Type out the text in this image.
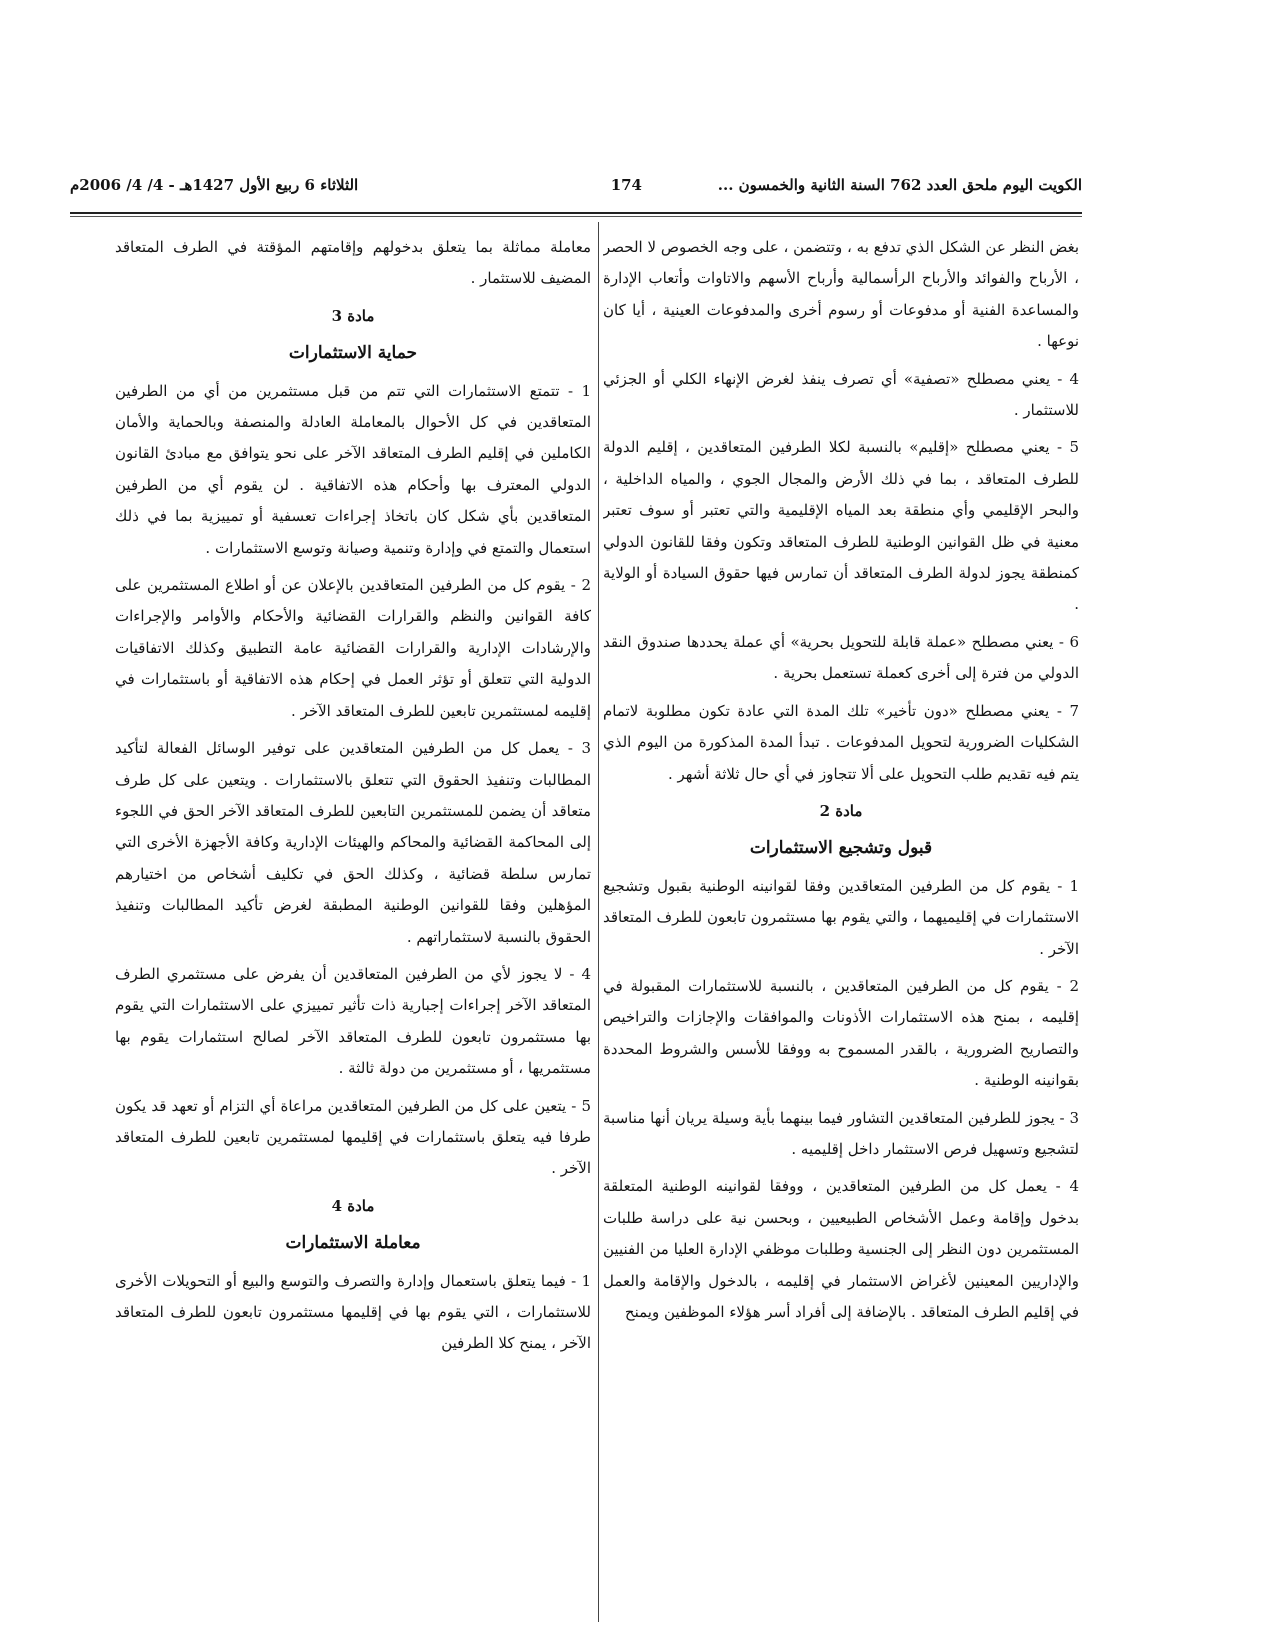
الكويت اليوم ملحق العدد 762 السنة الثانية والخمسون ...
174
الثلاثاء 6 ربيع الأول 1427هـ - 4/ 4/ 2006م

بغض النظر عن الشكل الذي تدفع به ، وتتضمن ، على وجه الخصوص لا الحصر ، الأرباح والفوائد والأرباح الرأسمالية وأرباح الأسهم والاتاوات وأتعاب الإدارة والمساعدة الفنية أو مدفوعات أو رسوم أخرى والمدفوعات العينية ، أيا كان نوعها .

4 - يعني مصطلح «تصفية» أي تصرف ينفذ لغرض الإنهاء الكلي أو الجزئي للاستثمار .

5 - يعني مصطلح «إقليم» بالنسبة لكلا الطرفين المتعاقدين ، إقليم الدولة للطرف المتعاقد ، بما في ذلك الأرض والمجال الجوي ، والمياه الداخلية ، والبحر الإقليمي وأي منطقة بعد المياه الإقليمية والتي تعتبر أو سوف تعتبر معنية في ظل القوانين الوطنية للطرف المتعاقد وتكون وفقا للقانون الدولي كمنطقة يجوز لدولة الطرف المتعاقد أن تمارس فيها حقوق السيادة أو الولاية .

6 - يعني مصطلح «عملة قابلة للتحويل بحرية» أي عملة يحددها صندوق النقد الدولي من فترة إلى أخرى كعملة تستعمل بحرية .

7 - يعني مصطلح «دون تأخير» تلك المدة التي عادة تكون مطلوبة لاتمام الشكليات الضرورية لتحويل المدفوعات . تبدأ المدة المذكورة من اليوم الذي يتم فيه تقديم طلب التحويل على ألا تتجاوز في أي حال ثلاثة أشهر .

مادة 2

قبول وتشجيع الاستثمارات

1 - يقوم كل من الطرفين المتعاقدين وفقا لقوانينه الوطنية بقبول وتشجيع الاستثمارات في إقليميهما ، والتي يقوم بها مستثمرون تابعون للطرف المتعاقد الآخر .

2 - يقوم كل من الطرفين المتعاقدين ، بالنسبة للاستثمارات المقبولة في إقليمه ، بمنح هذه الاستثمارات الأذونات والموافقات والإجازات والتراخيص والتصاريح الضرورية ، بالقدر المسموح به ووفقا للأسس والشروط المحددة بقوانينه الوطنية .

3 - يجوز للطرفين المتعاقدين التشاور فيما بينهما بأية وسيلة يريان أنها مناسبة لتشجيع وتسهيل فرص الاستثمار داخل إقليميه .

4 - يعمل كل من الطرفين المتعاقدين ، ووفقا لقوانينه الوطنية المتعلقة بدخول وإقامة وعمل الأشخاص الطبيعيين ، وبحسن نية على دراسة طلبات المستثمرين دون النظر إلى الجنسية وطلبات موظفي الإدارة العليا من الفنيين والإداريين المعينين لأغراض الاستثمار في إقليمه ، بالدخول والإقامة والعمل في إقليم الطرف المتعاقد . بالإضافة إلى أفراد أسر هؤلاء الموظفين ويمنح

معاملة مماثلة بما يتعلق بدخولهم وإقامتهم المؤقتة في الطرف المتعاقد المضيف للاستثمار .

مادة 3

حماية الاستثمارات

1 - تتمتع الاستثمارات التي تتم من قبل مستثمرين من أي من الطرفين المتعاقدين في كل الأحوال بالمعاملة العادلة والمنصفة وبالحماية والأمان الكاملين في إقليم الطرف المتعاقد الآخر على نحو يتوافق مع مبادئ القانون الدولي المعترف بها وأحكام هذه الاتفاقية . لن يقوم أي من الطرفين المتعاقدين بأي شكل كان باتخاذ إجراءات تعسفية أو تمييزية بما في ذلك استعمال والتمتع في وإدارة وتنمية وصيانة وتوسع الاستثمارات .

2 - يقوم كل من الطرفين المتعاقدين بالإعلان عن أو اطلاع المستثمرين على كافة القوانين والنظم والقرارات القضائية والأحكام والأوامر والإجراءات والإرشادات الإدارية والقرارات القضائية عامة التطبيق وكذلك الاتفاقيات الدولية التي تتعلق أو تؤثر العمل في إحكام هذه الاتفاقية أو باستثمارات في إقليمه لمستثمرين تابعين للطرف المتعاقد الآخر .

3 - يعمل كل من الطرفين المتعاقدين على توفير الوسائل الفعالة لتأكيد المطالبات وتنفيذ الحقوق التي تتعلق بالاستثمارات . ويتعين على كل طرف متعاقد أن يضمن للمستثمرين التابعين للطرف المتعاقد الآخر الحق في اللجوء إلى المحاكمة القضائية والمحاكم والهيئات الإدارية وكافة الأجهزة الأخرى التي تمارس سلطة قضائية ، وكذلك الحق في تكليف أشخاص من اختيارهم المؤهلين وفقا للقوانين الوطنية المطبقة لغرض تأكيد المطالبات وتنفيذ الحقوق بالنسبة لاستثماراتهم .

4 - لا يجوز لأي من الطرفين المتعاقدين أن يفرض على مستثمري الطرف المتعاقد الآخر إجراءات إجبارية ذات تأثير تمييزي على الاستثمارات التي يقوم بها مستثمرون تابعون للطرف المتعاقد الآخر لصالح استثمارات يقوم بها مستثمريها ، أو مستثمرين من دولة ثالثة .

5 - يتعين على كل من الطرفين المتعاقدين مراعاة أي التزام أو تعهد قد يكون طرفا فيه يتعلق باستثمارات في إقليمها لمستثمرين تابعين للطرف المتعاقد الآخر .

مادة 4

معاملة الاستثمارات

1 - فيما يتعلق باستعمال وإدارة والتصرف والتوسع والبيع أو التحويلات الأخرى للاستثمارات ، التي يقوم بها في إقليمها مستثمرون تابعون للطرف المتعاقد الآخر ، يمنح كلا الطرفين
